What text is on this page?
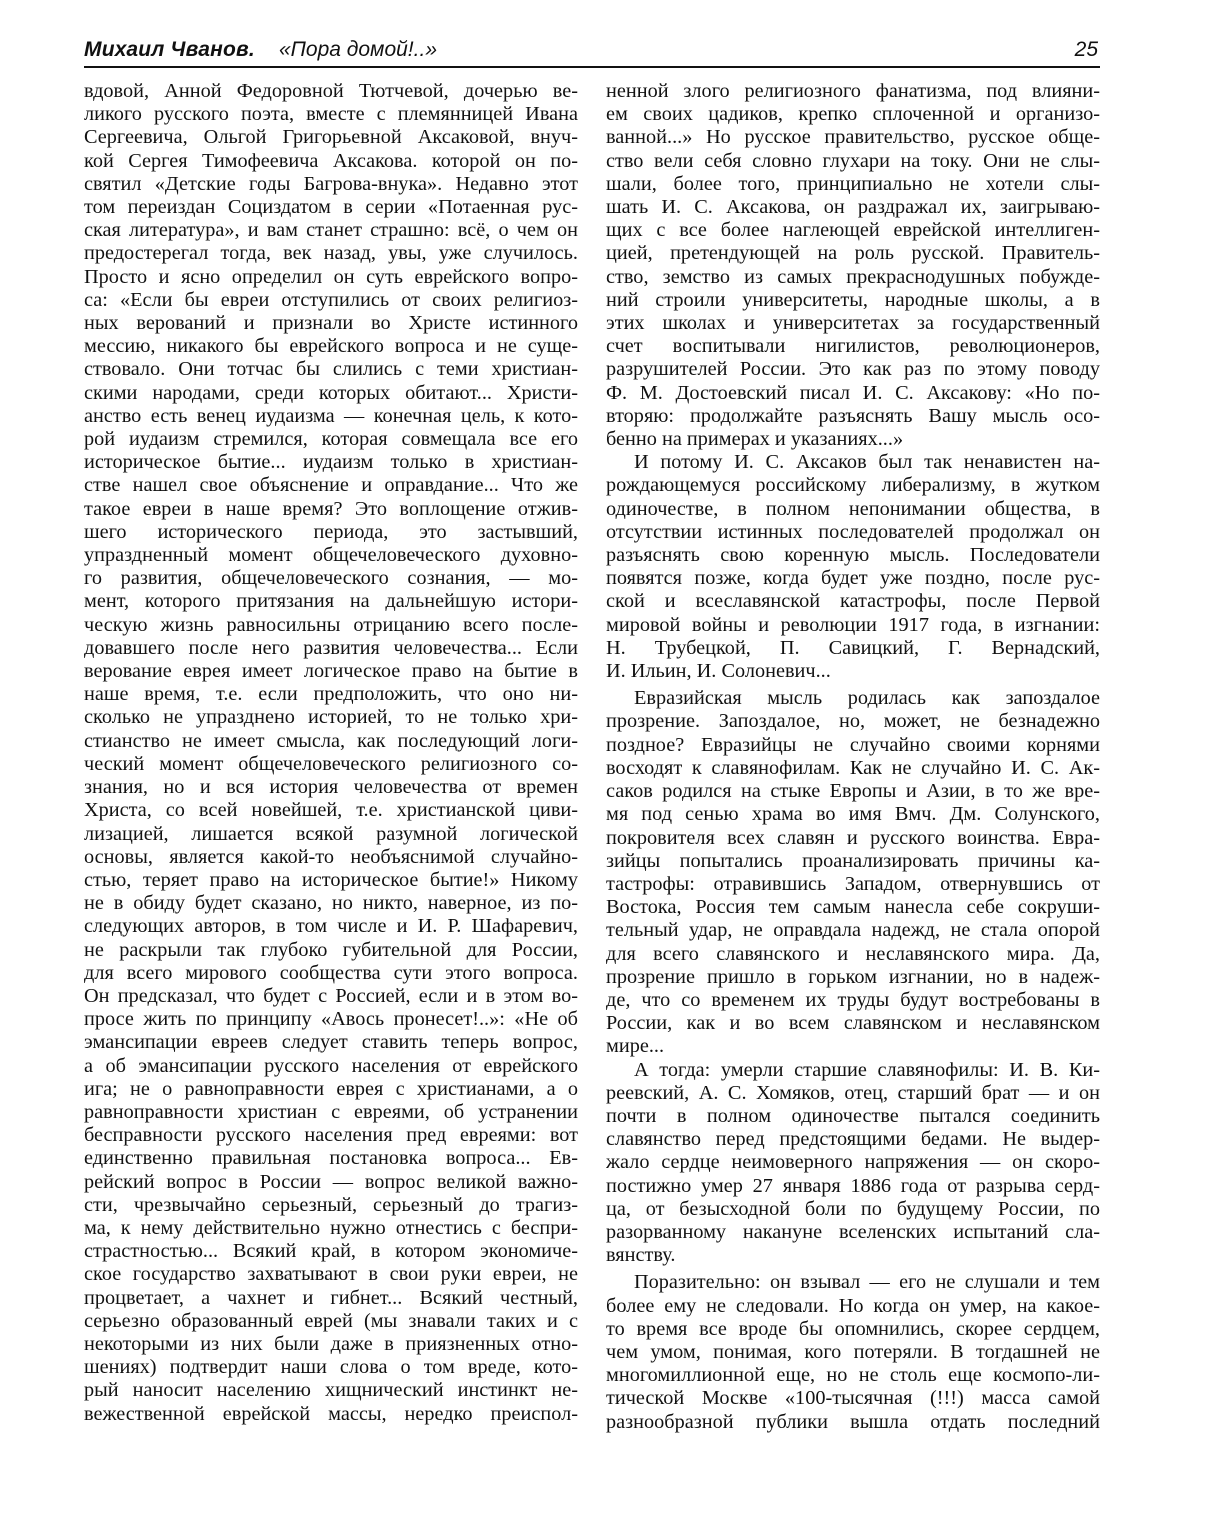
Михаил Чванов. «Пора домой!..»	25

вдовой, Анной Федоровной Тютчевой, дочерью ве-

ликого русского поэта, вместе с племянницей Ивана

Сергеевича, Ольгой Григорьевной Аксаковой, внуч-

кой Сергея Тимофеевича Аксакова. которой он по-

святил «Детские годы Багрова-внука». Недавно этот

том переиздан Социздатом в серии «Потаенная рус-

ская литература», и вам станет страшно: всё, о чем он

предостерегал тогда, век назад, увы, уже случилось.

Просто и ясно определил он суть еврейского вопро-

са: «Если бы евреи отступились от своих религиоз-

ных верований и признали во Христе истинного

мессию, никакого бы еврейского вопроса и не суще-

ствовало. Они тотчас бы слились с теми христиан-

скими народами, среди которых обитают... Христи-

анство есть венец иудаизма — конечная цель, к кото-

рой иудаизм стремился, которая совмещала все его

историческое бытие... иудаизм только в христиан-

стве нашел свое объяснение и оправдание... Что же

такое евреи в наше время? Это воплощение отжив-

шего исторического периода, это застывший,

упраздненный момент общечеловеческого духовно-

го развития, общечеловеческого сознания, — мо-

мент, которого притязания на дальнейшую истори-

ческую жизнь равносильны отрицанию всего после-

довавшего после него развития человечества... Если

верование еврея имеет логическое право на бытие в

наше время, т.е. если предположить, что оно ни-

сколько не упразднено историей, то не только хри-

стианство не имеет смысла, как последующий логи-

ческий момент общечеловеческого религиозного со-

знания, но и вся история человечества от времен

Христа, со всей новейшей, т.е. христианской циви-

лизацией, лишается всякой разумной логической

основы, является какой-то необъяснимой случайно-

стью, теряет право на историческое бытие!» Никому

не в обиду будет сказано, но никто, наверное, из по-

следующих авторов, в том числе и И. Р. Шафаревич,

не раскрыли так глубоко губительной для России,

для всего мирового сообщества сути этого вопроса.

Он предсказал, что будет с Россией, если и в этом во-

просе жить по принципу «Авось пронесет!..»: «Не об

эмансипации евреев следует ставить теперь вопрос,

а об эмансипации русского населения от еврейского

ига; не о равноправности еврея с христианами, а о

равноправности христиан с евреями, об устранении

бесправности русского населения пред евреями: вот

единственно правильная постановка вопроса... Ев-

рейский вопрос в России — вопрос великой важно-

сти, чрезвычайно серьезный, серьезный до трагиз-

ма, к нему действительно нужно отнестись с беспри-

страстностью... Всякий край, в котором экономиче-

ское государство захватывают в свои руки евреи, не

процветает, а чахнет и гибнет... Всякий честный,

серьезно образованный еврей (мы знавали таких и с

некоторыми из них были даже в приязненных отно-

шениях) подтвердит наши слова о том вреде, кото-

рый наносит населению хищнический инстинкт не-

вежественной еврейской массы, нередко преиспол-

ненной злого религиозного фанатизма, под влияни-

ем своих цадиков, крепко сплоченной и организо-

ванной...» Но русское правительство, русское обще-

ство вели себя словно глухари на току. Они не слы-

шали, более того, принципиально не хотели слы-

шать И. С. Аксакова, он раздражал их, заигрываю-

щих с все более наглеющей еврейской интеллиген-

цией, претендующей на роль русской. Правитель-

ство, земство из самых прекраснодушных побужде-

ний строили университеты, народные школы, а в

этих школах и университетах за государственный

счет воспитывали нигилистов, революционеров,

разрушителей России. Это как раз по этому поводу

Ф. М. Достоевский писал И. С. Аксакову: «Но по-

вторяю: продолжайте разъяснять Вашу мысль осо-

бенно на примерах и указаниях...»

И потому И. С. Аксаков был так ненавистен на-

рождающемуся российскому либерализму, в жутком

одиночестве, в полном непонимании общества, в

отсутствии истинных последователей продолжал он

разъяснять свою коренную мысль. Последователи

появятся позже, когда будет уже поздно, после рус-

ской и всеславянской катастрофы, после Первой

мировой войны и революции 1917 года, в изгнании:

Н. Трубецкой, П. Савицкий, Г. Вернадский,

И. Ильин, И. Солоневич...

Евразийская мысль родилась как запоздалое

прозрение. Запоздалое, но, может, не безнадежно

поздное? Евразийцы не случайно своими корнями

восходят к славянофилам. Как не случайно И. С. Ак-

саков родился на стыке Европы и Азии, в то же вре-

мя под сенью храма во имя Вмч. Дм. Солунского,

покровителя всех славян и русского воинства. Евра-

зийцы попытались проанализировать причины ка-

тастрофы: отравившись Западом, отвернувшись от

Востока, Россия тем самым нанесла себе сокруши-

тельный удар, не оправдала надежд, не стала опорой

для всего славянского и неславянского мира. Да,

прозрение пришло в горьком изгнании, но в надеж-

де, что со временем их труды будут востребованы в

России, как и во всем славянском и неславянском

мире...

А тогда: умерли старшие славянофилы: И. В. Ки-

реевский, А. С. Хомяков, отец, старший брат — и он

почти в полном одиночестве пытался соединить

славянство перед предстоящими бедами. Не выдер-

жало сердце неимоверного напряжения — он скоро-

постижно умер 27 января 1886 года от разрыва серд-

ца, от безысходной боли по будущему России, по

разорванному накануне вселенских испытаний сла-

вянству.

Поразительно: он взывал — его не слушали и тем

более ему не следовали. Но когда он умер, на какое-

то время все вроде бы опомнились, скорее сердцем,

чем умом, понимая, кого потеряли. В тогдашней не

многомиллионной еще, но не столь еще космопо-ли-

тической Москве «100-тысячная (!!!) масса самой

разнообразной публики вышла отдать последний
